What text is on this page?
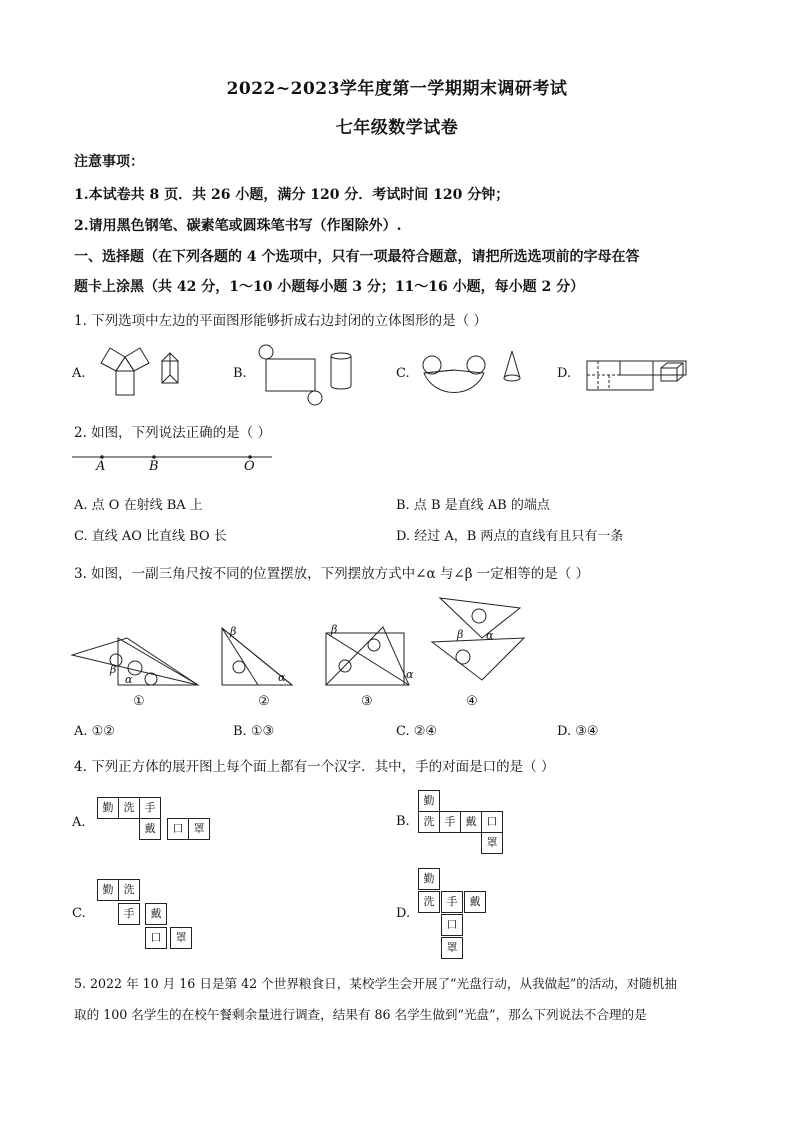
2022~2023学年度第一学期期末调研考试
七年级数学试卷
注意事项：
1.本试卷共 8 页．共 26 小题，满分 120 分．考试时间 120 分钟；
2.请用黑色钢笔、碳素笔或圆珠笔书写（作图除外）.
一、选择题（在下列各题的 4 个选项中，只有一项最符合题意，请把所选选项前的字母在答
题卡上涂黑（共 42 分，1～10 小题每小题 3 分；11～16 小题，每小题 2 分）
1. 下列选项中左边的平面图形能够折成右边封闭的立体图形的是（ ）
A.	B.	C.	D.
2. 如图，下列说法正确的是（ ）
A	B	O
A. 点 O 在射线 BA 上	B. 点 B 是直线 AB 的端点
C. 直线 AO 比直线 BO 长	D. 经过 A，B 两点的直线有且只有一条
3. 如图，一副三角尺按不同的位置摆放，下列摆放方式中∠α 与∠β 一定相等的是（ ）
β
α
①
β
α
②
β
α
③
β α
④
A. ①②	B. ①③	C. ②④	D. ③④
4. 下列正方体的展开图上每个面上都有一个汉字．其中，手的对面是口的是（ ）
A.
勤 洗 手
戴	口 罩	B.
勤
洗 手 戴 口
罩
C.
勤 洗
手	戴
口	罩
D.
勤
洗	手	戴
口
罩
5. 2022 年 10 月 16 日是第 42 个世界粮食日，某校学生会开展了“光盘行动，从我做起”的活动，对随机抽
取的 100 名学生的在校午餐剩余量进行调查，结果有 86 名学生做到“光盘”，那么下列说法不合理的是
